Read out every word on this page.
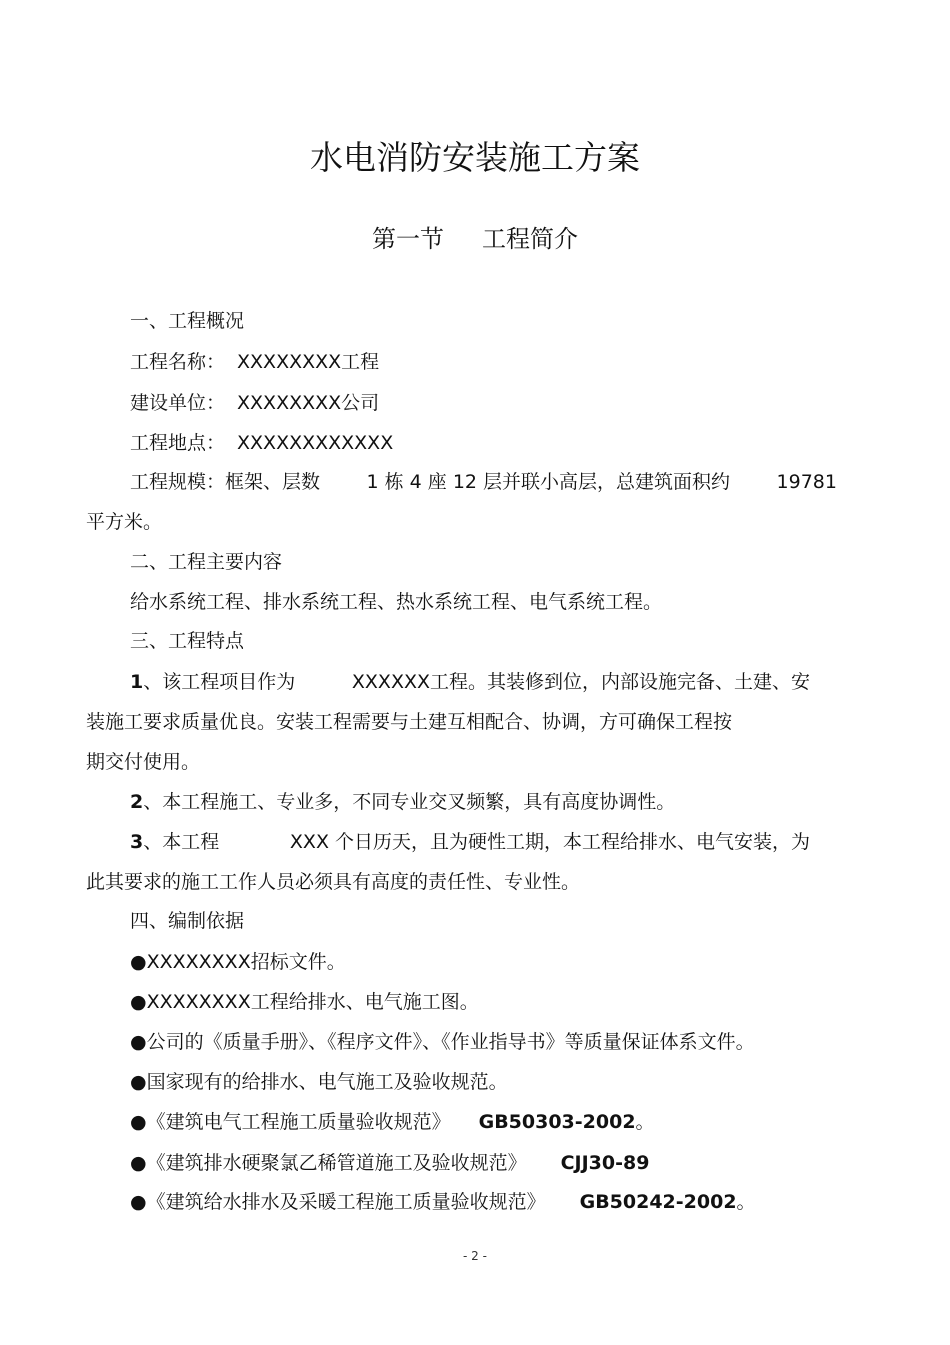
水电消防安装施工方案
第一节 工程简介
一、工程概况
工程名称： XXXXXXXX工程
建设单位： XXXXXXXX公司
工程地点： XXXXXXXXXXXX
工程规模：框架、层数 1 栋 4 座 12 层并联小高层，总建筑面积约 19781
平方米。
二、工程主要内容
给水系统工程、排水系统工程、热水系统工程、电气系统工程。
三、工程特点
1、该工程项目作为	XXXXXX工程。其装修到位，内部设施完备、土建、安
装施工要求质量优良。安装工程需要与土建互相配合、协调，方可确保工程按
期交付使用。
2、本工程施工、专业多，不同专业交叉频繁，具有高度协调性。
3、本工程	XXX 个日历天，且为硬性工期，本工程给排水、电气安装，为
此其要求的施工工作人员必须具有高度的责任性、专业性。
四、编制依据
●XXXXXXXX招标文件。
●XXXXXXXX工程给排水、电气施工图。
●公司的《质量手册》、《程序文件》、《作业指导书》等质量保证体系文件。
●国家现有的给排水、电气施工及验收规范。
●《建筑电气工程施工质量验收规范》 GB50303-2002。
●《建筑排水硬聚氯乙稀管道施工及验收规范》 CJJ30-89
●《建筑给水排水及采暖工程施工质量验收规范》 GB50242-2002。
- 2 -
